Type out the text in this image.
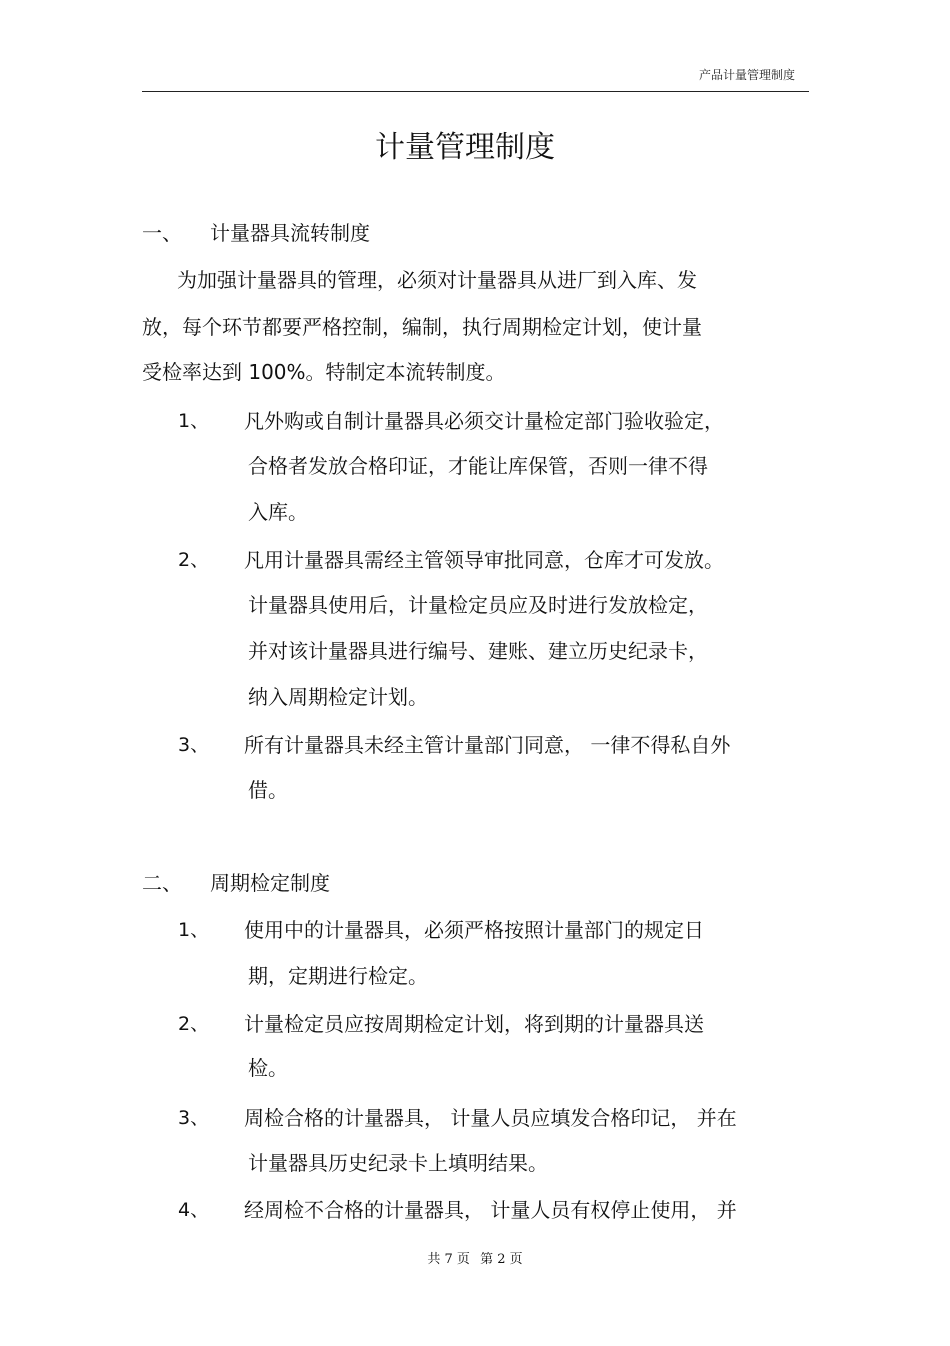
产品计量管理制度
计量管理制度
一、 计量器具流转制度
为加强计量器具的管理，必须对计量器具从进厂到入库、发
放，每个环节都要严格控制，编制，执行周期检定计划，使计量
受检率达到 100%。特制定本流转制度。
1、 凡外购或自制计量器具必须交计量检定部门验收验定，
合格者发放合格印证，才能让库保管，否则一律不得
入库。
2、 凡用计量器具需经主管领导审批同意，仓库才可发放。
计量器具使用后，计量检定员应及时进行发放检定，
并对该计量器具进行编号、建账、建立历史纪录卡，
纳入周期检定计划。
3、 所有计量器具未经主管计量部门同意， 一律不得私自外
借。
二、 周期检定制度
1、 使用中的计量器具，必须严格按照计量部门的规定日
期，定期进行检定。
2、 计量检定员应按周期检定计划，将到期的计量器具送
检。
3、 周检合格的计量器具， 计量人员应填发合格印记， 并在
计量器具历史纪录卡上填明结果。
4、 经周检不合格的计量器具， 计量人员有权停止使用， 并
共 7 页 第 2 页
